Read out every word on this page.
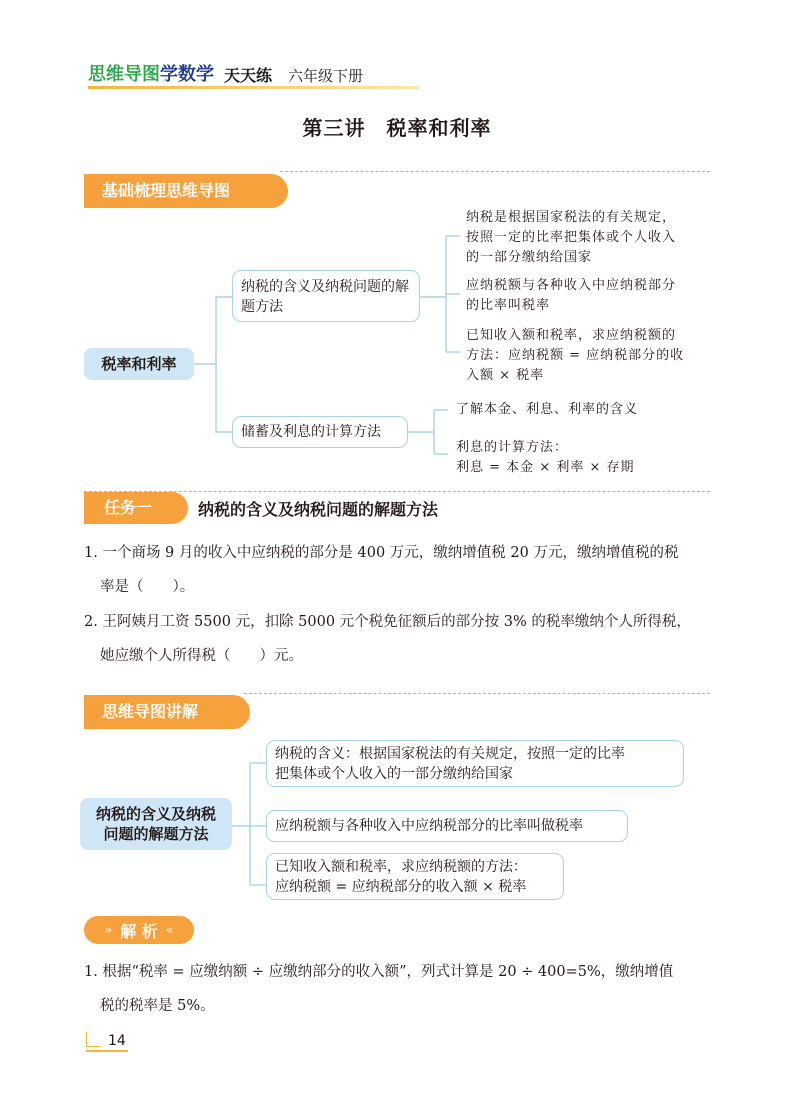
思维导图学数学 天天练 六年级下册
第三讲　税率和利率
基础梳理思维导图
税率和利率
纳税的含义及纳税问题的解题方法
储蓄及利息的计算方法
纳税是根据国家税法的有关规定，
按照一定的比率把集体或个人收入
的一部分缴纳给国家
应纳税额与各种收入中应纳税部分
的比率叫税率
已知收入额和税率，求应纳税额的
方法：应纳税额 = 应纳税部分的收
入额 × 税率
了解本金、利息、利率的含义
利息的计算方法：
利息 = 本金 × 利率 × 存期
任务一	纳税的含义及纳税问题的解题方法
1. 一个商场 9 月的收入中应纳税的部分是 400 万元，缴纳增值税 20 万元，缴纳增值税的税
率是（　　）。
2. 王阿姨月工资 5500 元，扣除 5000 元个税免征额后的部分按 3% 的税率缴纳个人所得税，
她应缴个人所得税（　　）元。
思维导图讲解
纳税的含义及纳税
问题的解题方法
纳税的含义：根据国家税法的有关规定，按照一定的比率
把集体或个人收入的一部分缴纳给国家
应纳税额与各种收入中应纳税部分的比率叫做税率
已知收入额和税率，求应纳税额的方法：
应纳税额 = 应纳税部分的收入额 × 税率
» 解 析 «
1. 根据“税率 = 应缴纳额 ÷ 应缴纳部分的收入额”，列式计算是 20 ÷ 400=5%，缴纳增值
税的税率是 5%。
14
